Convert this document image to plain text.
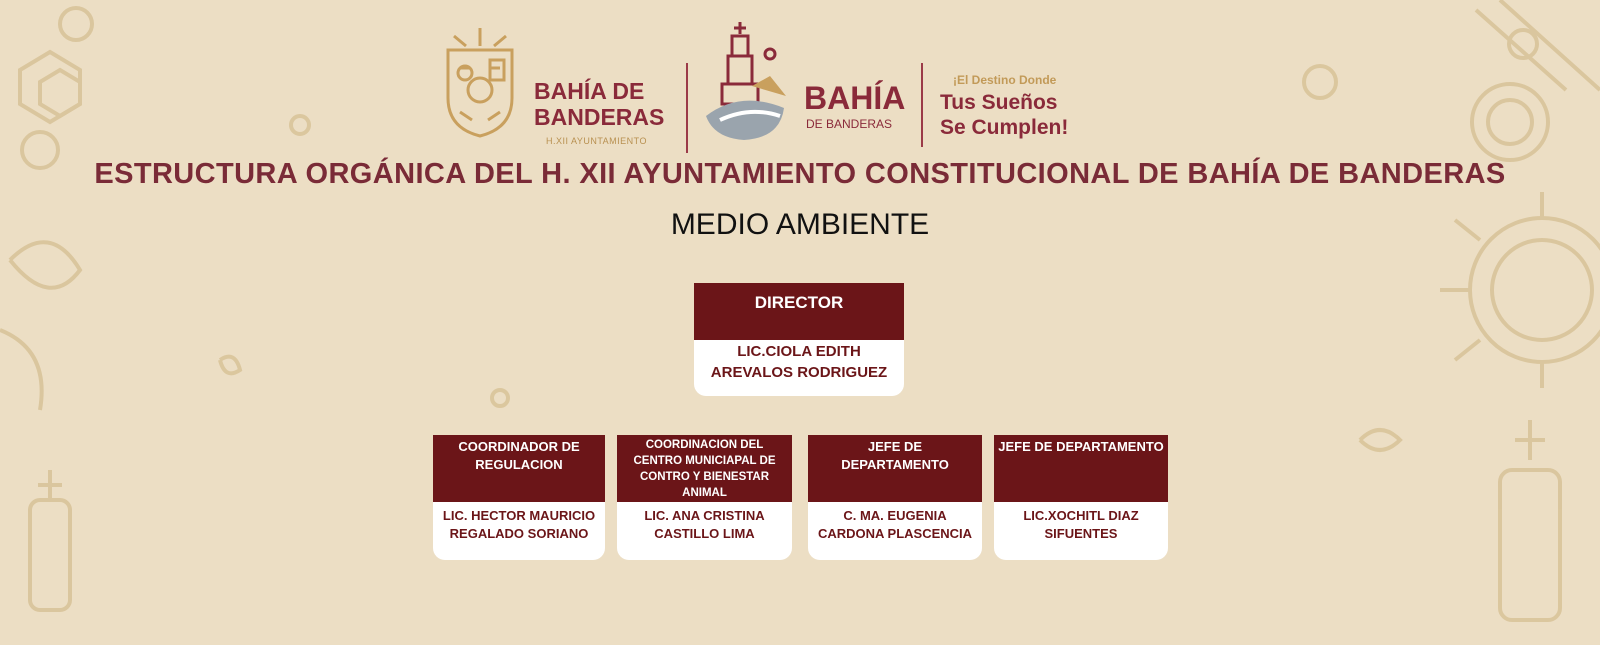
BAHÍA DE
BANDERAS
H.XII AYUNTAMIENTO
BAHÍA
DE BANDERAS
¡El Destino Donde
Tus Sueños
Se Cumplen!
ESTRUCTURA ORGÁNICA DEL H. XII AYUNTAMIENTO CONSTITUCIONAL DE BAHÍA DE BANDERAS
MEDIO AMBIENTE
DIRECTOR
LIC.CIOLA EDITH
AREVALOS RODRIGUEZ
COORDINADOR DE
REGULACION
LIC. HECTOR MAURICIO
REGALADO SORIANO
COORDINACION DEL
CENTRO MUNICIAPAL DE
CONTRO Y BIENESTAR
ANIMAL
LIC. ANA CRISTINA
CASTILLO LIMA
JEFE DE
DEPARTAMENTO
C. MA. EUGENIA
CARDONA PLASCENCIA
JEFE DE DEPARTAMENTO
LIC.XOCHITL DIAZ
SIFUENTES
